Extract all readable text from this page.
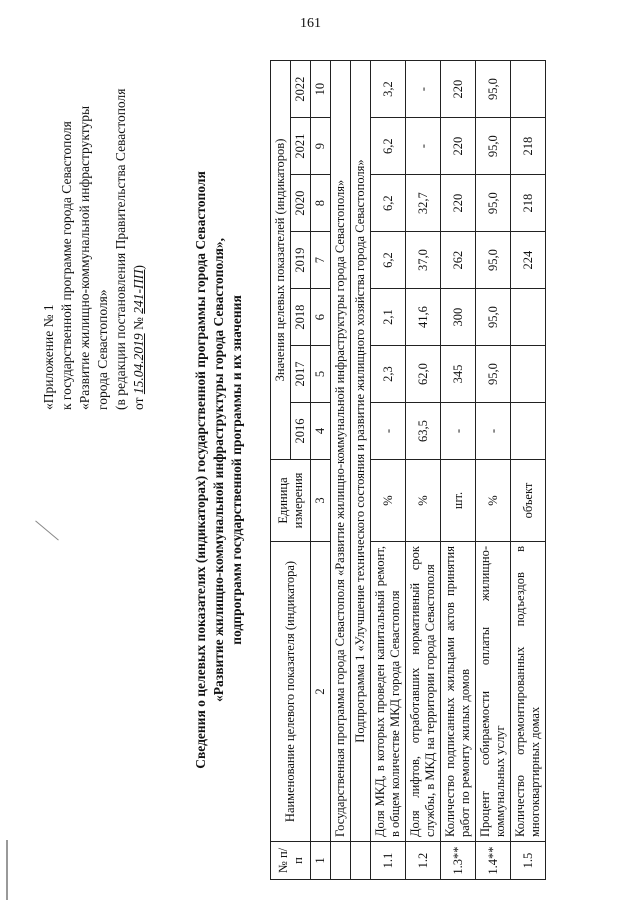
161
«Приложение № 1 к государственной программе города Севастополя «Развитие жилищно-коммунальной инфраструктуры города Севастополя» (в редакции постановления Правительства Севастополя от 15.04.2019 № 241-ПП)	Сведения о целевых показателях (индикаторах) государственной программы города Севастополя «Развитие жилищно-коммунальной инфраструктуры города Севастополя», подпрограмм государственной программы и их значения
№ п/п	Наименование целевого показателя (индикатора)	Единица измерения	Значения целевых показателей (индикаторов)						
			2016	2017	2018	2019	2020	2021	2022
1	2	3	4	5	6	7	8	9	10
	Государственная программа города Севастополя «Развитие жилищно-коммунальной инфраструктуры города Севастополя»								
	Подпрограмма 1 «Улучшение технического состояния и развитие жилищного хозяйства города Севастополя»								
1.1	Доля МКД, в которых проведен капитальный ремонт, в общем количестве МКД города Севастополя	%	-	2,3	2,1	6,2	6,2	6,2	3,2
1.2	Доля лифтов, отработавших нормативный срок службы, в МКД на территории города Севастополя	%	63,5	62,0	41,6	37,0	32,7	-	-
1.3**	Количество подписанных жильцами актов принятия работ по ремонту жилых домов	шт.	-	345	300	262	220	220	220
1.4**	Процент собираемости оплаты жилищно-коммунальных услуг	%	-	95,0	95,0	95,0	95,0	95,0	95,0
1.5	Количество отремонтированных подъездов в многоквартирных домах	объект				224	218	218	
